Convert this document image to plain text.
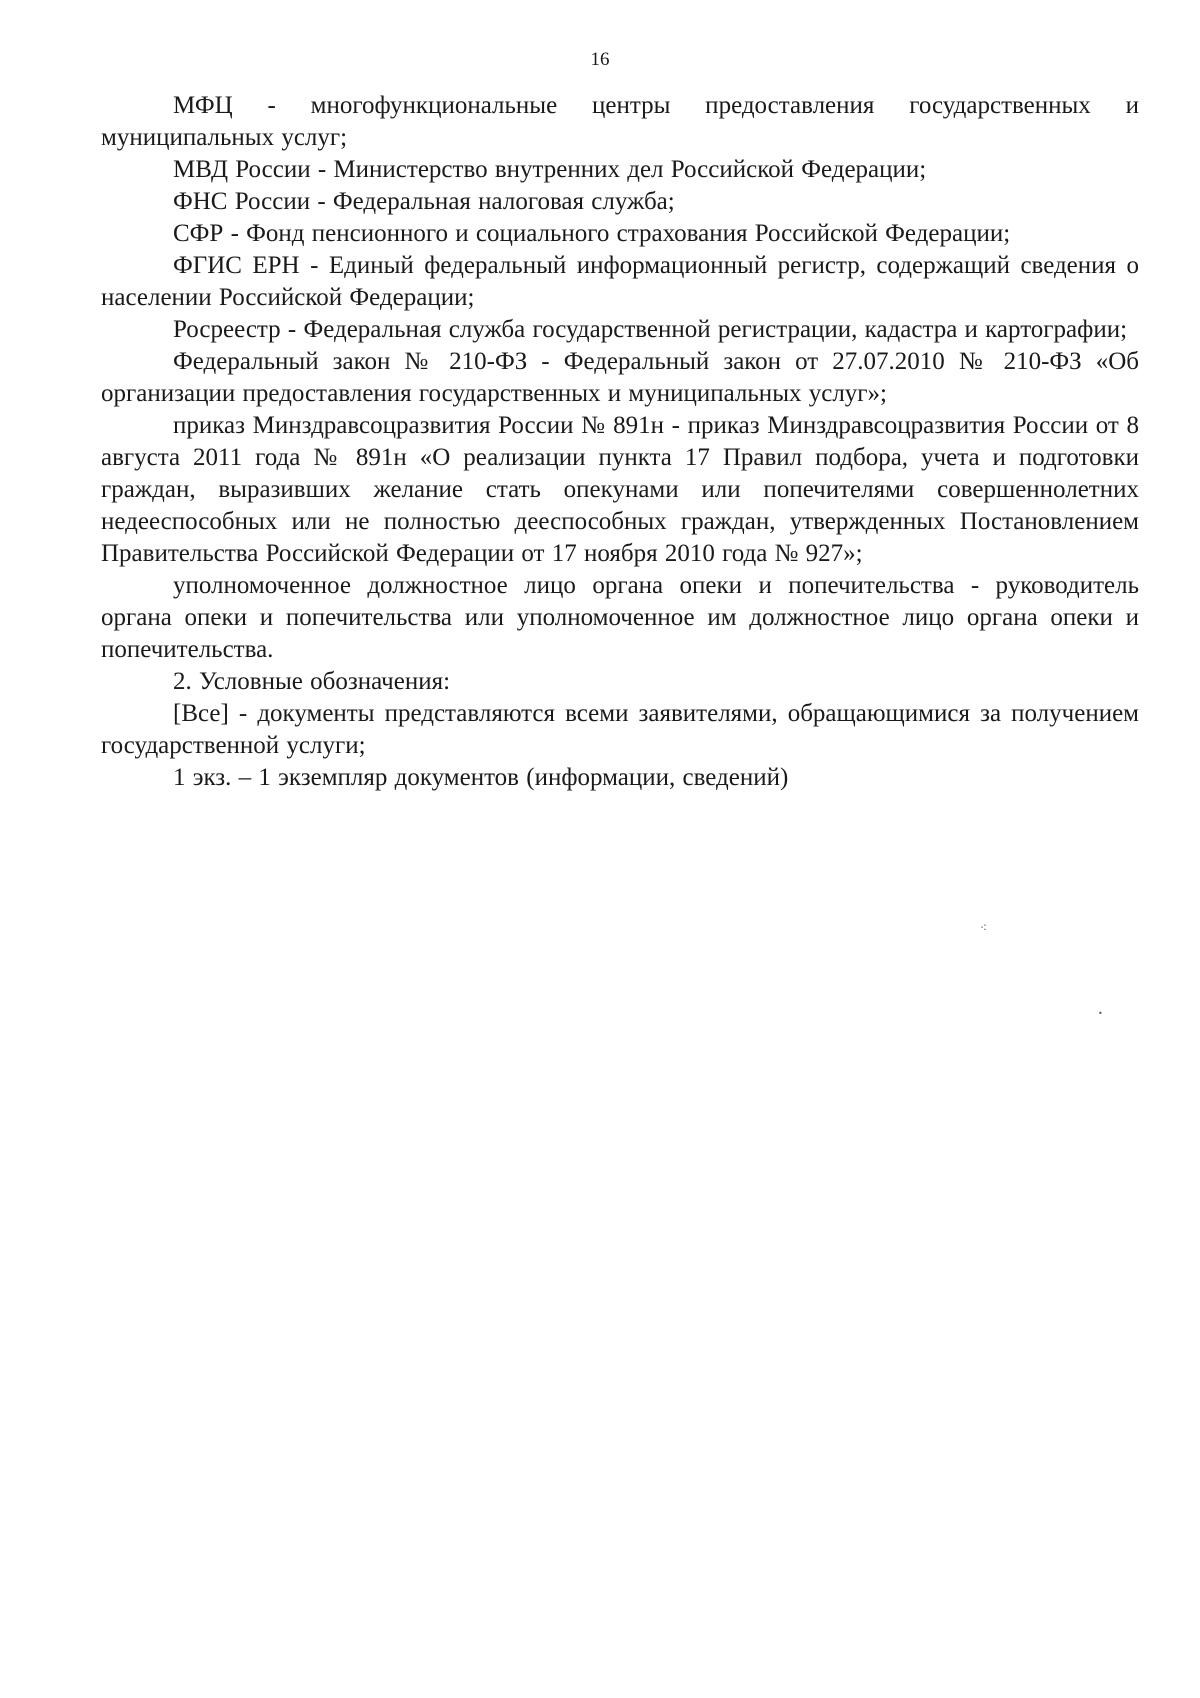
16

МФЦ - многофункциональные центры предоставления государственных и муниципальных услуг;

МВД России - Министерство внутренних дел Российской Федерации;

ФНС России - Федеральная налоговая служба;

СФР - Фонд пенсионного и социального страхования Российской Федерации;

ФГИС ЕРН - Единый федеральный информационный регистр, содержащий сведения о населении Российской Федерации;

Росреестр - Федеральная служба государственной регистрации, кадастра и картографии;

Федеральный закон № 210-ФЗ - Федеральный закон от 27.07.2010 № 210-ФЗ «Об организации предоставления государственных и муниципальных услуг»;

приказ Минздравсоцразвития России № 891н - приказ Минздравсоцразвития России от 8 августа 2011 года № 891н «О реализации пункта 17 Правил подбора, учета и подготовки граждан, выразивших желание стать опекунами или попечителями совершеннолетних недееспособных или не полностью дееспособных граждан, утвержденных Постановлением Правительства Российской Федерации от 17 ноября 2010 года № 927»;

уполномоченное должностное лицо органа опеки и попечительства - руководитель органа опеки и попечительства или уполномоченное им должностное лицо органа опеки и попечительства.

2. Условные обозначения:

[Все] - документы представляются всеми заявителями, обращающимися за получением государственной услуги;

1 экз. – 1 экземпляр документов (информации, сведений)

⁖
•
